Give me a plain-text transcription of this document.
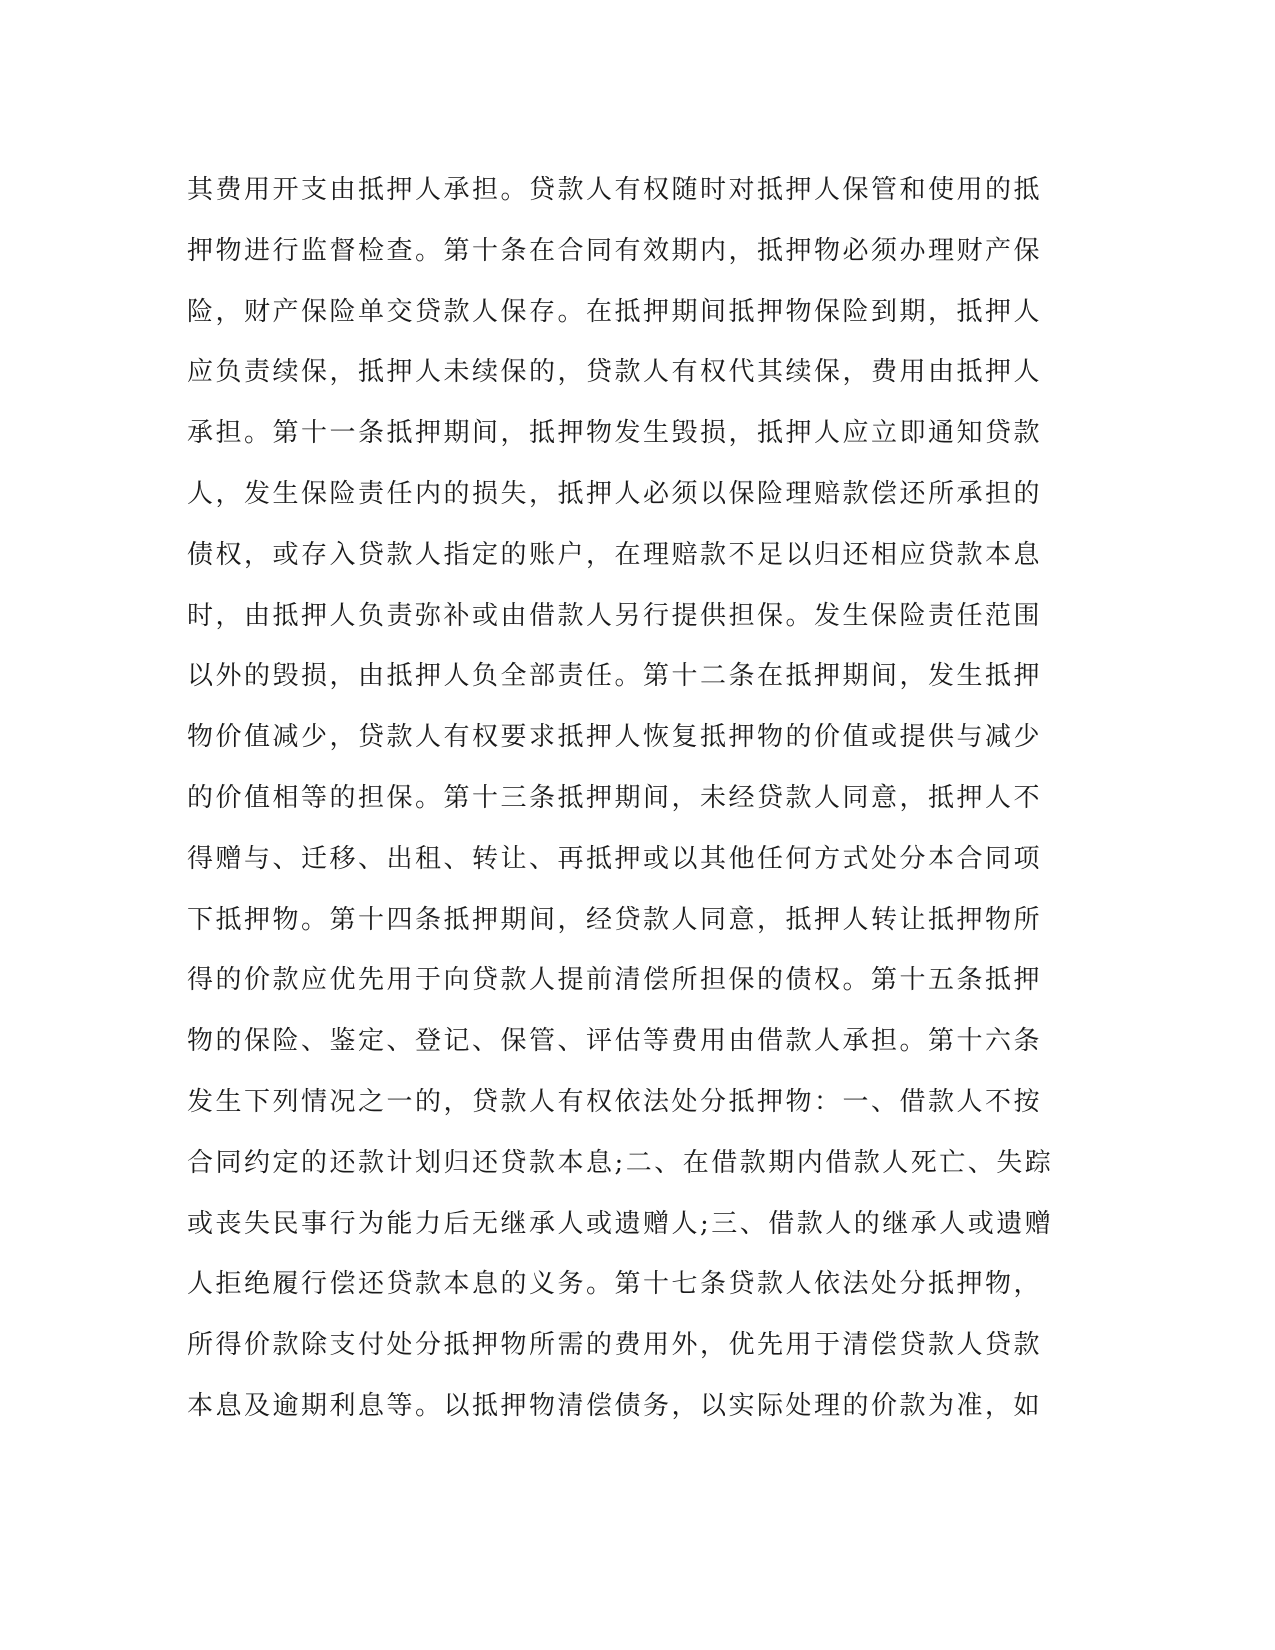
其费用开支由抵押人承担。贷款人有权随时对抵押人保管和使用的抵
押物进行监督检查。第十条在合同有效期内，抵押物必须办理财产保
险，财产保险单交贷款人保存。在抵押期间抵押物保险到期，抵押人
应负责续保，抵押人未续保的，贷款人有权代其续保，费用由抵押人
承担。第十一条抵押期间，抵押物发生毁损，抵押人应立即通知贷款
人，发生保险责任内的损失，抵押人必须以保险理赔款偿还所承担的
债权，或存入贷款人指定的账户，在理赔款不足以归还相应贷款本息
时，由抵押人负责弥补或由借款人另行提供担保。发生保险责任范围
以外的毁损，由抵押人负全部责任。第十二条在抵押期间，发生抵押
物价值减少，贷款人有权要求抵押人恢复抵押物的价值或提供与减少
的价值相等的担保。第十三条抵押期间，未经贷款人同意，抵押人不
得赠与、迁移、出租、转让、再抵押或以其他任何方式处分本合同项
下抵押物。第十四条抵押期间，经贷款人同意，抵押人转让抵押物所
得的价款应优先用于向贷款人提前清偿所担保的债权。第十五条抵押
物的保险、鉴定、登记、保管、评估等费用由借款人承担。第十六条
发生下列情况之一的，贷款人有权依法处分抵押物：一、借款人不按
合同约定的还款计划归还贷款本息;二、在借款期内借款人死亡、失踪
或丧失民事行为能力后无继承人或遗赠人;三、借款人的继承人或遗赠
人拒绝履行偿还贷款本息的义务。第十七条贷款人依法处分抵押物，
所得价款除支付处分抵押物所需的费用外，优先用于清偿贷款人贷款
本息及逾期利息等。以抵押物清偿债务，以实际处理的价款为准，如
